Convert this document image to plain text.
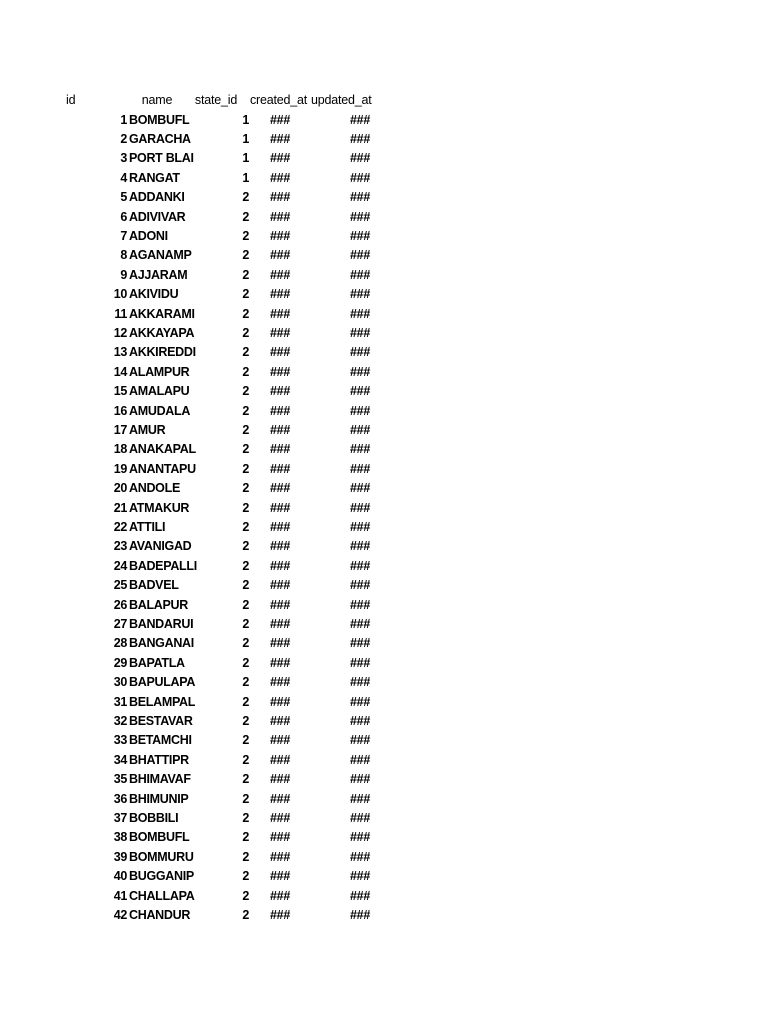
id	name	state_id	created_at updated_at
1 BOMBUFL	1	###	###
2 GARACHA	1	###	###
3 PORT BLAI	1	###	###
4 RANGAT	1	###	###
5 ADDANKI	2	###	###
6 ADIVIVAR	2	###	###
7 ADONI	2	###	###
8 AGANAMP	2	###	###
9 AJJARAM	2	###	###
10 AKIVIDU	2	###	###
11 AKKARAMI	2	###	###
12 AKKAYAPA	2	###	###
13 AKKIREDDI	2	###	###
14 ALAMPUR	2	###	###
15 AMALAPU	2	###	###
16 AMUDALA	2	###	###
17 AMUR	2	###	###
18 ANAKAPAL	2	###	###
19 ANANTAPU	2	###	###
20 ANDOLE	2	###	###
21 ATMAKUR	2	###	###
22 ATTILI	2	###	###
23 AVANIGAD	2	###	###
24 BADEPALLI	2	###	###
25 BADVEL	2	###	###
26 BALAPUR	2	###	###
27 BANDARUI	2	###	###
28 BANGANAI	2	###	###
29 BAPATLA	2	###	###
30 BAPULAPA	2	###	###
31 BELAMPAL	2	###	###
32 BESTAVAR	2	###	###
33 BETAMCHI	2	###	###
34 BHATTIPR	2	###	###
35 BHIMAVAF	2	###	###
36 BHIMUNIP	2	###	###
37 BOBBILI	2	###	###
38 BOMBUFL	2	###	###
39 BOMMURU	2	###	###
40 BUGGANIP	2	###	###
41 CHALLAPA	2	###	###
42 CHANDUR	2	###	###
